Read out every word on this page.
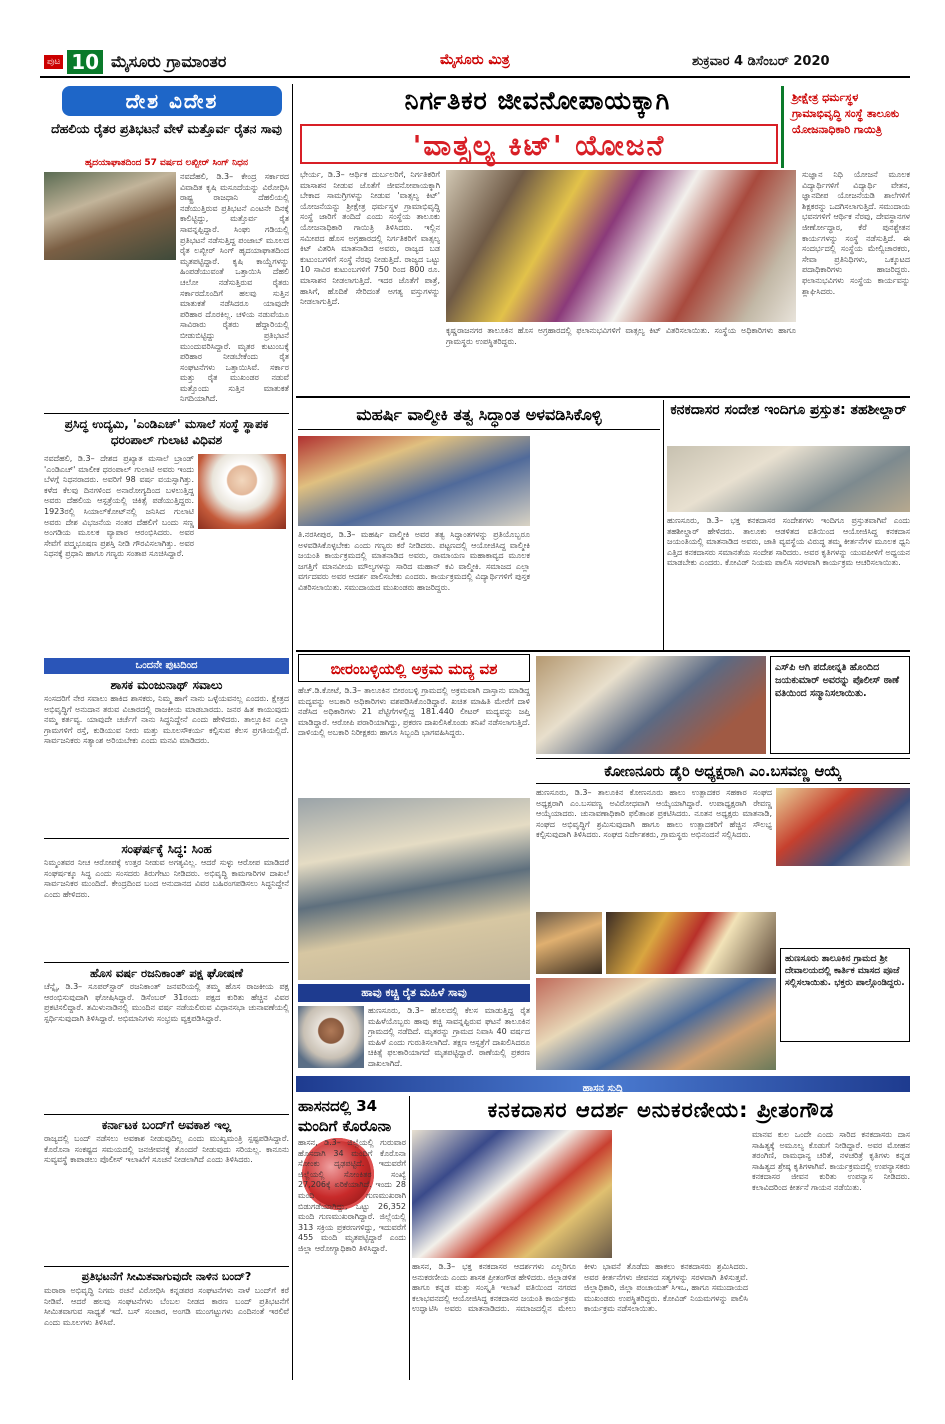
ಪುಟ 10 ಮೈಸೂರು ಗ್ರಾಮಾಂತರ	ಮೈಸೂರು ಮಿತ್ರ	ಶುಕ್ರವಾರ 4 ಡಿಸೆಂಬರ್ 2020
ದೇಶ ವಿದೇಶ
ದೆಹಲಿಯ ರೈತರ ಪ್ರತಿಭಟನೆ ವೇಳೆ ಮತ್ತೊರ್ವ ರೈತನ ಸಾವು
ಹೃದಯಾಘಾತದಿಂದ 57 ವರ್ಷದ ಲಖ್ಬೀರ್ ಸಿಂಗ್ ನಿಧನ
ನವದೆಹಲಿ, ಡಿ.3– ಕೇಂದ್ರ ಸರ್ಕಾರದ ವಿವಾದಿತ ಕೃಷಿ ಮಸೂದೆಯನ್ನು ವಿರೋಧಿಸಿ ರಾಷ್ಟ್ರ ರಾಜಧಾನಿ ದೆಹಲಿಯಲ್ಲಿ ನಡೆಯುತ್ತಿರುವ ಪ್ರತಿಭಟನೆ ಎಂಟನೇ ದಿನಕ್ಕೆ ಕಾಲಿಟ್ಟಿದ್ದು, ಮತ್ತೊರ್ವ ರೈತ ಸಾವನ್ನಪ್ಪಿದ್ದಾರೆ. ಸಿಂಘು ಗಡಿಯಲ್ಲಿ ಪ್ರತಿಭಟನೆ ನಡೆಸುತ್ತಿದ್ದ ಪಂಜಾಬ್ ಮೂಲದ ರೈತ ಲಖ್ಬೀರ್ ಸಿಂಗ್ ಹೃದಯಾಘಾತದಿಂದ ಮೃತಪಟ್ಟಿದ್ದಾರೆ. ಕೃಷಿ ಕಾಯ್ದೆಗಳನ್ನು ಹಿಂಪಡೆಯುವಂತೆ ಒತ್ತಾಯಿಸಿ ದೆಹಲಿ ಚಲೋ ನಡೆಸುತ್ತಿರುವ ರೈತರು ಸರ್ಕಾರದೊಂದಿಗೆ ಹಲವು ಸುತ್ತಿನ ಮಾತುಕತೆ ನಡೆಸಿದರೂ ಯಾವುದೇ ಪರಿಹಾರ ದೊರಕಿಲ್ಲ. ಚಳಿಯ ನಡುವೆಯೂ ಸಾವಿರಾರು ರೈತರು ಹೆದ್ದಾರಿಯಲ್ಲಿ ಬೀಡುಬಿಟ್ಟಿದ್ದು ಪ್ರತಿಭಟನೆ ಮುಂದುವರಿಸಿದ್ದಾರೆ. ಮೃತರ ಕುಟುಂಬಕ್ಕೆ ಪರಿಹಾರ ನೀಡಬೇಕೆಂದು ರೈತ ಸಂಘಟನೆಗಳು ಒತ್ತಾಯಿಸಿವೆ. ಸರ್ಕಾರ ಮತ್ತು ರೈತ ಮುಖಂಡರ ನಡುವೆ ಮತ್ತೊಂದು ಸುತ್ತಿನ ಮಾತುಕತೆ ನಿಗದಿಯಾಗಿದೆ.
ಪ್ರಸಿದ್ಧ ಉದ್ಯಮಿ, 'ಎಂಡಿಎಚ್' ಮಸಾಲೆ ಸಂಸ್ಥೆ ಸ್ಥಾಪಕ ಧರಂಪಾಲ್ ಗುಲಾಟಿ ವಿಧಿವಶ
ನವದೆಹಲಿ, ಡಿ.3– ದೇಶದ ಪ್ರಖ್ಯಾತ ಮಸಾಲೆ ಬ್ರಾಂಡ್ 'ಎಂಡಿಎಚ್' ಮಾಲೀಕ ಧರಂಪಾಲ್ ಗುಲಾಟಿ ಅವರು ಇಂದು ಬೆಳಗ್ಗೆ ನಿಧನರಾದರು. ಅವರಿಗೆ 98 ವರ್ಷ ವಯಸ್ಸಾಗಿತ್ತು. ಕಳೆದ ಕೆಲವು ದಿನಗಳಿಂದ ಅನಾರೋಗ್ಯದಿಂದ ಬಳಲುತ್ತಿದ್ದ ಅವರು ದೆಹಲಿಯ ಆಸ್ಪತ್ರೆಯಲ್ಲಿ ಚಿಕಿತ್ಸೆ ಪಡೆಯುತ್ತಿದ್ದರು. 1923ರಲ್ಲಿ ಸಿಯಾಲ್‌ಕೋಟ್‌ನಲ್ಲಿ ಜನಿಸಿದ ಗುಲಾಟಿ ಅವರು ದೇಶ ವಿಭಜನೆಯ ನಂತರ ದೆಹಲಿಗೆ ಬಂದು ಸಣ್ಣ ಅಂಗಡಿಯ ಮೂಲಕ ವ್ಯಾಪಾರ ಆರಂಭಿಸಿದರು. ಅವರ ಸೇವೆಗೆ ಪದ್ಮಭೂಷಣ ಪ್ರಶಸ್ತಿ ನೀಡಿ ಗೌರವಿಸಲಾಗಿತ್ತು. ಅವರ ನಿಧನಕ್ಕೆ ಪ್ರಧಾನಿ ಹಾಗೂ ಗಣ್ಯರು ಸಂತಾಪ ಸೂಚಿಸಿದ್ದಾರೆ.
ಒಂದನೇ ಪುಟದಿಂದ
ಶಾಸಕ ಮಂಜುನಾಥ್ ಸವಾಲು
ಸಂಸದರಿಗೆ ನೇರ ಸವಾಲು ಹಾಕಿದ ಶಾಸಕರು, ನಿಮ್ಮ ಹಾಗೆ ನಾನು ಒಳ್ಳೆಯವನಲ್ಲ ಎಂದರು. ಕ್ಷೇತ್ರದ ಅಭಿವೃದ್ಧಿಗೆ ಅನುದಾನ ತರುವ ವಿಚಾರದಲ್ಲಿ ರಾಜಕೀಯ ಮಾಡಬಾರದು. ಜನರ ಹಿತ ಕಾಯುವುದು ನಮ್ಮ ಕರ್ತವ್ಯ. ಯಾವುದೇ ಚರ್ಚೆಗೆ ನಾನು ಸಿದ್ಧನಿದ್ದೇನೆ ಎಂದು ಹೇಳಿದರು. ತಾಲ್ಲೂಕಿನ ಎಲ್ಲಾ ಗ್ರಾಮಗಳಿಗೆ ರಸ್ತೆ, ಕುಡಿಯುವ ನೀರು ಮತ್ತು ಮೂಲಸೌಕರ್ಯ ಕಲ್ಪಿಸುವ ಕೆಲಸ ಪ್ರಗತಿಯಲ್ಲಿದೆ. ಸಾರ್ವಜನಿಕರು ಸತ್ಯಾಂಶ ಅರಿಯಬೇಕು ಎಂದು ಮನವಿ ಮಾಡಿದರು.
ಸಂಘರ್ಷಕ್ಕೆ ಸಿದ್ಧ: ಸಿಂಹ
ನಿಮ್ಮಂತವರ ನೀಚ ಆರೋಪಕ್ಕೆ ಉತ್ತರ ನೀಡುವ ಅಗತ್ಯವಿಲ್ಲ. ಆದರೆ ಸುಳ್ಳು ಆರೋಪ ಮಾಡಿದರೆ ಸಂಘರ್ಷಕ್ಕೂ ಸಿದ್ಧ ಎಂದು ಸಂಸದರು ತಿರುಗೇಟು ನೀಡಿದರು. ಅಭಿವೃದ್ಧಿ ಕಾಮಗಾರಿಗಳ ದಾಖಲೆ ಸಾರ್ವಜನಿಕರ ಮುಂದಿದೆ. ಕೇಂದ್ರದಿಂದ ಬಂದ ಅನುದಾನದ ವಿವರ ಬಹಿರಂಗಪಡಿಸಲು ಸಿದ್ಧನಿದ್ದೇನೆ ಎಂದು ಹೇಳಿದರು.
ಹೊಸ ವರ್ಷ ರಜನಿಕಾಂತ್ ಪಕ್ಷ ಘೋಷಣೆ
ಚೆನ್ನೈ, ಡಿ.3– ಸೂಪರ್‌ಸ್ಟಾರ್ ರಜನಿಕಾಂತ್ ಜನವರಿಯಲ್ಲಿ ತಮ್ಮ ಹೊಸ ರಾಜಕೀಯ ಪಕ್ಷ ಆರಂಭಿಸುವುದಾಗಿ ಘೋಷಿಸಿದ್ದಾರೆ. ಡಿಸೆಂಬರ್ 31ರಂದು ಪಕ್ಷದ ಕುರಿತು ಹೆಚ್ಚಿನ ವಿವರ ಪ್ರಕಟಿಸಲಿದ್ದಾರೆ. ತಮಿಳುನಾಡಿನಲ್ಲಿ ಮುಂದಿನ ವರ್ಷ ನಡೆಯಲಿರುವ ವಿಧಾನಸಭಾ ಚುನಾವಣೆಯಲ್ಲಿ ಸ್ಪರ್ಧಿಸುವುದಾಗಿ ತಿಳಿಸಿದ್ದಾರೆ. ಅಭಿಮಾನಿಗಳು ಸಂಭ್ರಮ ವ್ಯಕ್ತಪಡಿಸಿದ್ದಾರೆ.
ಕರ್ನಾಟಕ ಬಂದ್‌ಗೆ ಅವಕಾಶ ಇಲ್ಲ
ರಾಜ್ಯದಲ್ಲಿ ಬಂದ್ ನಡೆಸಲು ಅವಕಾಶ ನೀಡುವುದಿಲ್ಲ ಎಂದು ಮುಖ್ಯಮಂತ್ರಿ ಸ್ಪಷ್ಟಪಡಿಸಿದ್ದಾರೆ. ಕೊರೊನಾ ಸಂಕಷ್ಟದ ಸಮಯದಲ್ಲಿ ಜನಜೀವನಕ್ಕೆ ತೊಂದರೆ ನೀಡುವುದು ಸರಿಯಲ್ಲ. ಕಾನೂನು ಸುವ್ಯವಸ್ಥೆ ಕಾಪಾಡಲು ಪೊಲೀಸ್ ಇಲಾಖೆಗೆ ಸೂಚನೆ ನೀಡಲಾಗಿದೆ ಎಂದು ತಿಳಿಸಿದರು.
ಪ್ರತಿಭಟನೆಗೆ ಸೀಮಿತವಾಗುವುದೇ ನಾಳಿನ ಬಂದ್?
ಮರಾಠಾ ಅಭಿವೃದ್ಧಿ ನಿಗಮ ರಚನೆ ವಿರೋಧಿಸಿ ಕನ್ನಡಪರ ಸಂಘಟನೆಗಳು ನಾಳೆ ಬಂದ್‌ಗೆ ಕರೆ ನೀಡಿವೆ. ಆದರೆ ಹಲವು ಸಂಘಟನೆಗಳು ಬೆಂಬಲ ನೀಡದ ಕಾರಣ ಬಂದ್ ಪ್ರತಿಭಟನೆಗೆ ಸೀಮಿತವಾಗುವ ಸಾಧ್ಯತೆ ಇದೆ. ಬಸ್ ಸಂಚಾರ, ಅಂಗಡಿ ಮುಂಗಟ್ಟುಗಳು ಎಂದಿನಂತೆ ಇರಲಿವೆ ಎಂದು ಮೂಲಗಳು ತಿಳಿಸಿವೆ.
ನಿರ್ಗತಿಕರ ಜೀವನೋಪಾಯಕ್ಕಾಗಿ
'ವಾತ್ಸಲ್ಯ ಕಿಟ್' ಯೋಜನೆ
ಶ್ರೀಕ್ಷೇತ್ರ ಧರ್ಮಸ್ಥಳ ಗ್ರಾಮಾಭಿವೃದ್ಧಿ ಸಂಸ್ಥೆ ತಾಲೂಕು ಯೋಜನಾಧಿಕಾರಿ ಗಾಯಿತ್ರಿ
ಭೇರ್ಯ, ಡಿ.3– ಆರ್ಥಿಕ ದುರ್ಬಲರಿಗೆ, ನಿರ್ಗತಿಕರಿಗೆ ಮಾಸಾಶನ ನೀಡುವ ಜೊತೆಗೆ ಜೀವನೋಪಾಯಕ್ಕಾಗಿ ಬೇಕಾದ ಸಾಮಗ್ರಿಗಳನ್ನು ನೀಡುವ 'ವಾತ್ಸಲ್ಯ ಕಿಟ್' ಯೋಜನೆಯನ್ನು ಶ್ರೀಕ್ಷೇತ್ರ ಧರ್ಮಸ್ಥಳ ಗ್ರಾಮಾಭಿವೃದ್ಧಿ ಸಂಸ್ಥೆ ಜಾರಿಗೆ ತಂದಿದೆ ಎಂದು ಸಂಸ್ಥೆಯ ತಾಲೂಕು ಯೋಜನಾಧಿಕಾರಿ ಗಾಯಿತ್ರಿ ತಿಳಿಸಿದರು. ಇಲ್ಲಿನ ಸಮೀಪದ ಹೊಸ ಅಗ್ರಹಾರದಲ್ಲಿ ನಿರ್ಗತಿಕರಿಗೆ ವಾತ್ಸಲ್ಯ ಕಿಟ್ ವಿತರಿಸಿ ಮಾತನಾಡಿದ ಅವರು, ರಾಜ್ಯದ ಬಡ ಕುಟುಂಬಗಳಿಗೆ ಸಂಸ್ಥೆ ನೆರವು ನೀಡುತ್ತಿದೆ. ರಾಜ್ಯದ ಒಟ್ಟು 10 ಸಾವಿರ ಕುಟುಂಬಗಳಿಗೆ 750 ರಿಂದ 800 ರೂ. ಮಾಸಾಶನ ನೀಡಲಾಗುತ್ತಿದೆ. ಇದರ ಜೊತೆಗೆ ಪಾತ್ರೆ, ಹಾಸಿಗೆ, ಹೊದಿಕೆ ಸೇರಿದಂತೆ ಅಗತ್ಯ ವಸ್ತುಗಳನ್ನು ನೀಡಲಾಗುತ್ತಿದೆ.
ಸುಜ್ಞಾನ ನಿಧಿ ಯೋಜನೆ ಮೂಲಕ ವಿದ್ಯಾರ್ಥಿಗಳಿಗೆ ವಿದ್ಯಾರ್ಥಿ ವೇತನ, ಜ್ಞಾನದೀಪ ಯೋಜನೆಯಡಿ ಶಾಲೆಗಳಿಗೆ ಶಿಕ್ಷಕರನ್ನು ಒದಗಿಸಲಾಗುತ್ತಿದೆ. ಸಮುದಾಯ ಭವನಗಳಿಗೆ ಆರ್ಥಿಕ ನೆರವು, ದೇವಸ್ಥಾನಗಳ ಜೀರ್ಣೋದ್ಧಾರ, ಕೆರೆ ಪುನಶ್ಚೇತನ ಕಾರ್ಯಗಳನ್ನು ಸಂಸ್ಥೆ ನಡೆಸುತ್ತಿದೆ. ಈ ಸಂದರ್ಭದಲ್ಲಿ ಸಂಸ್ಥೆಯ ಮೇಲ್ವಿಚಾರಕರು, ಸೇವಾ ಪ್ರತಿನಿಧಿಗಳು, ಒಕ್ಕೂಟದ ಪದಾಧಿಕಾರಿಗಳು ಹಾಜರಿದ್ದರು. ಫಲಾನುಭವಿಗಳು ಸಂಸ್ಥೆಯ ಕಾರ್ಯವನ್ನು ಶ್ಲಾಘಿಸಿದರು.
ಕೃಷ್ಣರಾಜನಗರ ತಾಲೂಕಿನ ಹೊಸ ಅಗ್ರಹಾರದಲ್ಲಿ ಫಲಾನುಭವಿಗಳಿಗೆ ವಾತ್ಸಲ್ಯ ಕಿಟ್ ವಿತರಿಸಲಾಯಿತು. ಸಂಸ್ಥೆಯ ಅಧಿಕಾರಿಗಳು ಹಾಗೂ ಗ್ರಾಮಸ್ಥರು ಉಪಸ್ಥಿತರಿದ್ದರು.
ಮಹರ್ಷಿ ವಾಲ್ಮೀಕಿ ತತ್ವ ಸಿದ್ಧಾಂತ ಅಳವಡಿಸಿಕೊಳ್ಳಿ
ತಿ.ನರಸೀಪುರ, ಡಿ.3– ಮಹರ್ಷಿ ವಾಲ್ಮೀಕಿ ಅವರ ತತ್ವ ಸಿದ್ಧಾಂತಗಳನ್ನು ಪ್ರತಿಯೊಬ್ಬರೂ ಅಳವಡಿಸಿಕೊಳ್ಳಬೇಕು ಎಂದು ಗಣ್ಯರು ಕರೆ ನೀಡಿದರು. ಪಟ್ಟಣದಲ್ಲಿ ಆಯೋಜಿಸಿದ್ದ ವಾಲ್ಮೀಕಿ ಜಯಂತಿ ಕಾರ್ಯಕ್ರಮದಲ್ಲಿ ಮಾತನಾಡಿದ ಅವರು, ರಾಮಾಯಣ ಮಹಾಕಾವ್ಯದ ಮೂಲಕ ಜಗತ್ತಿಗೆ ಮಾನವೀಯ ಮೌಲ್ಯಗಳನ್ನು ಸಾರಿದ ಮಹಾನ್ ಕವಿ ವಾಲ್ಮೀಕಿ. ಸಮಾಜದ ಎಲ್ಲಾ ವರ್ಗದವರು ಅವರ ಆದರ್ಶ ಪಾಲಿಸಬೇಕು ಎಂದರು. ಕಾರ್ಯಕ್ರಮದಲ್ಲಿ ವಿದ್ಯಾರ್ಥಿಗಳಿಗೆ ಪುಸ್ತಕ ವಿತರಿಸಲಾಯಿತು. ಸಮುದಾಯದ ಮುಖಂಡರು ಹಾಜರಿದ್ದರು.
ಕನಕದಾಸರ ಸಂದೇಶ ಇಂದಿಗೂ ಪ್ರಸ್ತುತ: ತಹಶೀಲ್ದಾರ್
ಹುಣಸೂರು, ಡಿ.3– ಭಕ್ತ ಕನಕದಾಸರ ಸಂದೇಶಗಳು ಇಂದಿಗೂ ಪ್ರಸ್ತುತವಾಗಿವೆ ಎಂದು ತಹಶೀಲ್ದಾರ್ ಹೇಳಿದರು. ತಾಲೂಕು ಆಡಳಿತದ ವತಿಯಿಂದ ಆಯೋಜಿಸಿದ್ದ ಕನಕದಾಸ ಜಯಂತಿಯಲ್ಲಿ ಮಾತನಾಡಿದ ಅವರು, ಜಾತಿ ವ್ಯವಸ್ಥೆಯ ವಿರುದ್ಧ ತಮ್ಮ ಕೀರ್ತನೆಗಳ ಮೂಲಕ ಧ್ವನಿ ಎತ್ತಿದ ಕನಕದಾಸರು ಸಮಾನತೆಯ ಸಂದೇಶ ಸಾರಿದರು. ಅವರ ಕೃತಿಗಳನ್ನು ಯುವಪೀಳಿಗೆ ಅಧ್ಯಯನ ಮಾಡಬೇಕು ಎಂದರು. ಕೋವಿಡ್ ನಿಯಮ ಪಾಲಿಸಿ ಸರಳವಾಗಿ ಕಾರ್ಯಕ್ರಮ ಆಚರಿಸಲಾಯಿತು.
ಬೀರಂಬಳ್ಳಿಯಲ್ಲಿ ಅಕ್ರಮ ಮದ್ಯ ವಶ
ಹೆಚ್.ಡಿ.ಕೋಟೆ, ಡಿ.3– ತಾಲೂಕಿನ ಬೀರಂಬಳ್ಳಿ ಗ್ರಾಮದಲ್ಲಿ ಅಕ್ರಮವಾಗಿ ದಾಸ್ತಾನು ಮಾಡಿದ್ದ ಮದ್ಯವನ್ನು ಅಬಕಾರಿ ಅಧಿಕಾರಿಗಳು ವಶಪಡಿಸಿಕೊಂಡಿದ್ದಾರೆ. ಖಚಿತ ಮಾಹಿತಿ ಮೇರೆಗೆ ದಾಳಿ ನಡೆಸಿದ ಅಧಿಕಾರಿಗಳು 21 ಪೆಟ್ಟಿಗೆಗಳಲ್ಲಿದ್ದ 181.440 ಲೀಟರ್ ಮದ್ಯವನ್ನು ಜಪ್ತಿ ಮಾಡಿದ್ದಾರೆ. ಆರೋಪಿ ಪರಾರಿಯಾಗಿದ್ದು, ಪ್ರಕರಣ ದಾಖಲಿಸಿಕೊಂಡು ತನಿಖೆ ನಡೆಸಲಾಗುತ್ತಿದೆ. ದಾಳಿಯಲ್ಲಿ ಅಬಕಾರಿ ನಿರೀಕ್ಷಕರು ಹಾಗೂ ಸಿಬ್ಬಂದಿ ಭಾಗವಹಿಸಿದ್ದರು.
ಎಸ್‌ಪಿ ಆಗಿ ಪದೋನ್ನತಿ ಹೊಂದಿದ ಜಯಕುಮಾರ್ ಅವರನ್ನು ಪೊಲೀಸ್ ಠಾಣೆ ವತಿಯಿಂದ ಸನ್ಮಾನಿಸಲಾಯಿತು.
ಕೋಣನೂರು ಡೈರಿ ಅಧ್ಯಕ್ಷರಾಗಿ ಎಂ.ಬಸವಣ್ಣ ಆಯ್ಕೆ
ಹುಣಸೂರು, ಡಿ.3– ತಾಲೂಕಿನ ಕೋಣನೂರು ಹಾಲು ಉತ್ಪಾದಕರ ಸಹಕಾರ ಸಂಘದ ಅಧ್ಯಕ್ಷರಾಗಿ ಎಂ.ಬಸವಣ್ಣ ಅವಿರೋಧವಾಗಿ ಆಯ್ಕೆಯಾಗಿದ್ದಾರೆ. ಉಪಾಧ್ಯಕ್ಷರಾಗಿ ರೇವಣ್ಣ ಆಯ್ಕೆಯಾದರು. ಚುನಾವಣಾಧಿಕಾರಿ ಫಲಿತಾಂಶ ಪ್ರಕಟಿಸಿದರು. ನೂತನ ಅಧ್ಯಕ್ಷರು ಮಾತನಾಡಿ, ಸಂಘದ ಅಭಿವೃದ್ಧಿಗೆ ಶ್ರಮಿಸುವುದಾಗಿ ಹಾಗೂ ಹಾಲು ಉತ್ಪಾದಕರಿಗೆ ಹೆಚ್ಚಿನ ಸೌಲಭ್ಯ ಕಲ್ಪಿಸುವುದಾಗಿ ತಿಳಿಸಿದರು. ಸಂಘದ ನಿರ್ದೇಶಕರು, ಗ್ರಾಮಸ್ಥರು ಅಭಿನಂದನೆ ಸಲ್ಲಿಸಿದರು.
ಹುಣಸೂರು ತಾಲೂಕಿನ ಗ್ರಾಮದ ಶ್ರೀ ದೇವಾಲಯದಲ್ಲಿ ಕಾರ್ತಿಕ ಮಾಸದ ಪೂಜೆ ಸಲ್ಲಿಸಲಾಯಿತು. ಭಕ್ತರು ಪಾಲ್ಗೊಂಡಿದ್ದರು.
ಹಾವು ಕಚ್ಚಿ ರೈತ ಮಹಿಳೆ ಸಾವು
ಹುಣಸೂರು, ಡಿ.3– ಹೊಲದಲ್ಲಿ ಕೆಲಸ ಮಾಡುತ್ತಿದ್ದ ರೈತ ಮಹಿಳೆಯೊಬ್ಬರು ಹಾವು ಕಚ್ಚಿ ಸಾವನ್ನಪ್ಪಿರುವ ಘಟನೆ ತಾಲೂಕಿನ ಗ್ರಾಮದಲ್ಲಿ ನಡೆದಿದೆ. ಮೃತರನ್ನು ಗ್ರಾಮದ ನಿವಾಸಿ 40 ವರ್ಷದ ಮಹಿಳೆ ಎಂದು ಗುರುತಿಸಲಾಗಿದೆ. ತಕ್ಷಣ ಆಸ್ಪತ್ರೆಗೆ ದಾಖಲಿಸಿದರೂ ಚಿಕಿತ್ಸೆ ಫಲಕಾರಿಯಾಗದೆ ಮೃತಪಟ್ಟಿದ್ದಾರೆ. ಠಾಣೆಯಲ್ಲಿ ಪ್ರಕರಣ ದಾಖಲಾಗಿದೆ.
ಹಾಸನ ಸುದ್ದಿ
ಹಾಸನದಲ್ಲಿ 34 ಮಂದಿಗೆ ಕೊರೊನಾ
ಹಾಸನ, ಡಿ.3– ಜಿಲ್ಲೆಯಲ್ಲಿ ಗುರುವಾರ ಹೊಸದಾಗಿ 34 ಮಂದಿಗೆ ಕೊರೊನಾ ಸೋಂಕು ದೃಢಪಟ್ಟಿದೆ. ಇದುವರೆಗೆ ಜಿಲ್ಲೆಯಲ್ಲಿ ಸೋಂಕಿತರ ಸಂಖ್ಯೆ 27,206ಕ್ಕೆ ಏರಿಕೆಯಾಗಿದೆ. ಇಂದು 28 ಮಂದಿ ಗುಣಮುಖರಾಗಿ ಬಿಡುಗಡೆಯಾಗಿದ್ದು, ಒಟ್ಟು 26,352 ಮಂದಿ ಗುಣಮುಖರಾಗಿದ್ದಾರೆ. ಜಿಲ್ಲೆಯಲ್ಲಿ 313 ಸಕ್ರಿಯ ಪ್ರಕರಣಗಳಿದ್ದು, ಇದುವರೆಗೆ 455 ಮಂದಿ ಮೃತಪಟ್ಟಿದ್ದಾರೆ ಎಂದು ಜಿಲ್ಲಾ ಆರೋಗ್ಯಾಧಿಕಾರಿ ತಿಳಿಸಿದ್ದಾರೆ.
ಕನಕದಾಸರ ಆದರ್ಶ ಅನುಕರಣೀಯ: ಪ್ರೀತಂಗೌಡ
ಹಾಸನ, ಡಿ.3– ಭಕ್ತ ಕನಕದಾಸರ ಆದರ್ಶಗಳು ಎಲ್ಲರಿಗೂ ಅನುಕರಣೀಯ ಎಂದು ಶಾಸಕ ಪ್ರೀತಂಗೌಡ ಹೇಳಿದರು. ಜಿಲ್ಲಾಡಳಿತ ಹಾಗೂ ಕನ್ನಡ ಮತ್ತು ಸಂಸ್ಕೃತಿ ಇಲಾಖೆ ವತಿಯಿಂದ ನಗರದ ಕಲಾಭವನದಲ್ಲಿ ಆಯೋಜಿಸಿದ್ದ ಕನಕದಾಸರ ಜಯಂತಿ ಕಾರ್ಯಕ್ರಮ ಉದ್ಘಾಟಿಸಿ ಅವರು ಮಾತನಾಡಿದರು. ಸಮಾಜದಲ್ಲಿನ ಮೇಲು ಕೀಳು ಭಾವನೆ ತೊಡೆದು ಹಾಕಲು ಕನಕದಾಸರು ಶ್ರಮಿಸಿದರು. ಅವರ ಕೀರ್ತನೆಗಳು ಜೀವನದ ಸತ್ಯಗಳನ್ನು ಸರಳವಾಗಿ ತಿಳಿಸುತ್ತವೆ. ಜಿಲ್ಲಾಧಿಕಾರಿ, ಜಿಲ್ಲಾ ಪಂಚಾಯತ್ ಸಿಇಒ, ಹಾಗೂ ಸಮುದಾಯದ ಮುಖಂಡರು ಉಪಸ್ಥಿತರಿದ್ದರು. ಕೋವಿಡ್ ನಿಯಮಗಳನ್ನು ಪಾಲಿಸಿ ಕಾರ್ಯಕ್ರಮ ನಡೆಸಲಾಯಿತು.
ಮಾನವ ಕುಲ ಒಂದೇ ಎಂದು ಸಾರಿದ ಕನಕದಾಸರು ದಾಸ ಸಾಹಿತ್ಯಕ್ಕೆ ಅಮೂಲ್ಯ ಕೊಡುಗೆ ನೀಡಿದ್ದಾರೆ. ಅವರ ಮೋಹನ ತರಂಗಿಣಿ, ರಾಮಧಾನ್ಯ ಚರಿತೆ, ನಳಚರಿತ್ರೆ ಕೃತಿಗಳು ಕನ್ನಡ ಸಾಹಿತ್ಯದ ಶ್ರೇಷ್ಠ ಕೃತಿಗಳಾಗಿವೆ. ಕಾರ್ಯಕ್ರಮದಲ್ಲಿ ಉಪನ್ಯಾಸಕರು ಕನಕದಾಸರ ಜೀವನ ಕುರಿತು ಉಪನ್ಯಾಸ ನೀಡಿದರು. ಕಲಾವಿದರಿಂದ ಕೀರ್ತನೆ ಗಾಯನ ನಡೆಯಿತು.
